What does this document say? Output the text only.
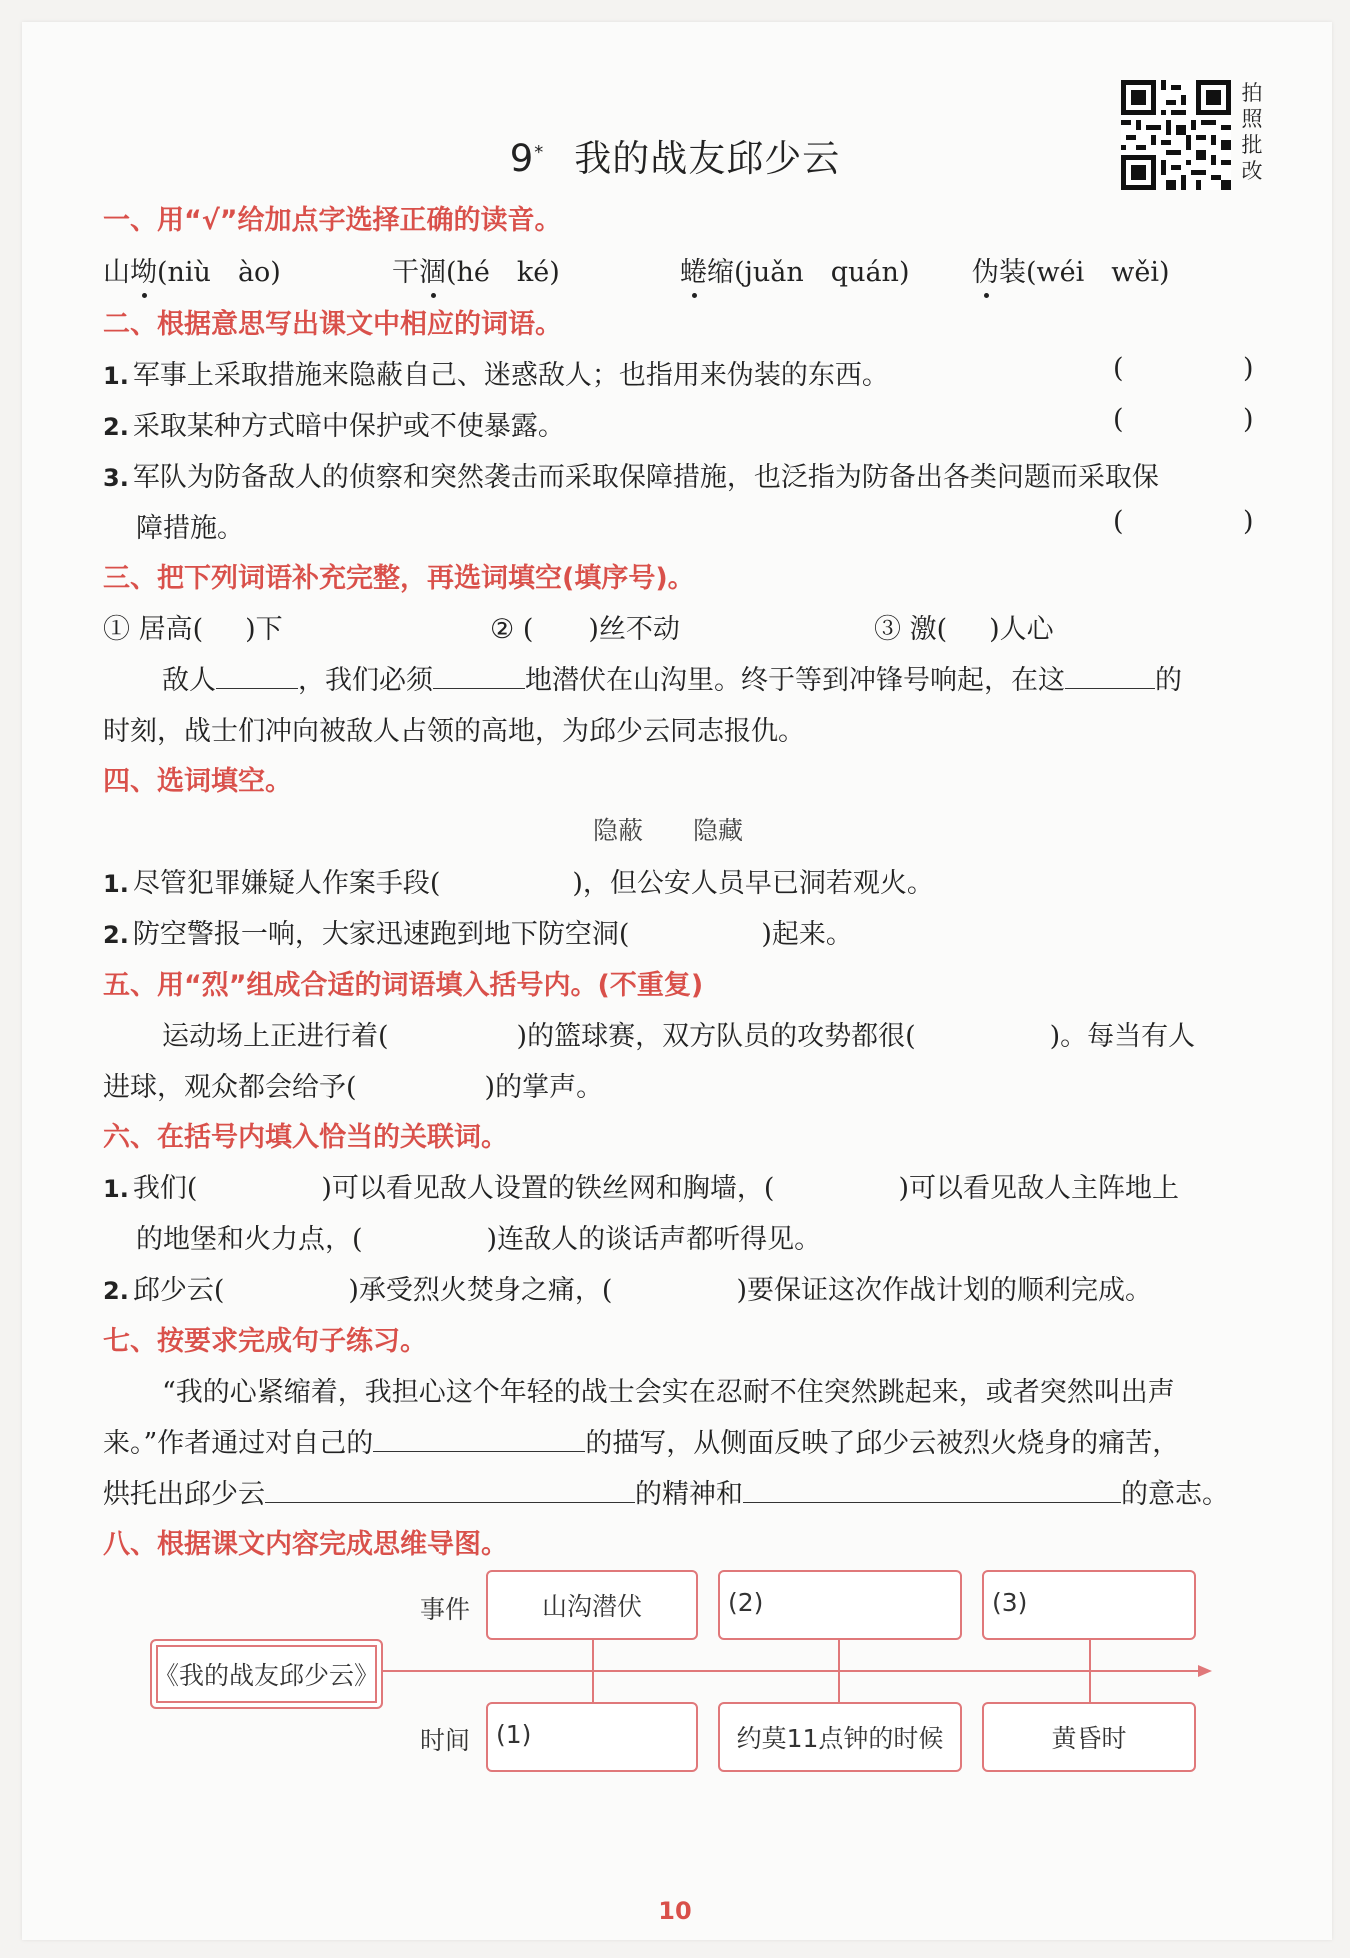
9* 我的战友邱少云
拍照批改
一、用“√”给加点字选择正确的读音。
山坳(niù　ào)	干涸(hé　ké)	蜷缩(juǎn　quán) 伪装(wéi　wěi)
二、根据意思写出课文中相应的词语。
1. 军事上采取措施来隐蔽自己、迷惑敌人；也指用来伪装的东西。	(	)
2. 采取某种方式暗中保护或不使暴露。	(	)
3. 军队为防备敌人的侦察和突然袭击而采取保障措施，也泛指为防备出各类问题而采取保
障措施。	(	)
三、把下列词语补充完整，再选词填空(填序号)。
① 居高( )下	② ( )丝不动	③ 激( )人心
敌人	，我们必须	地潜伏在山沟里。终于等到冲锋号响起，在这	的
时刻，战士们冲向被敌人占领的高地，为邱少云同志报仇。
四、选词填空。
隐蔽　　隐藏
1. 尽管犯罪嫌疑人作案手段(	)，但公安人员早已洞若观火。
2. 防空警报一响，大家迅速跑到地下防空洞(	)起来。
五、用“烈”组成合适的词语填入括号内。(不重复)
运动场上正进行着(	)的篮球赛，双方队员的攻势都很(	)。每当有人
进球，观众都会给予(	)的掌声。
六、在括号内填入恰当的关联词。
1. 我们(	)可以看见敌人设置的铁丝网和胸墙，(	)可以看见敌人主阵地上
的地堡和火力点，(	)连敌人的谈话声都听得见。
2. 邱少云(	)承受烈火焚身之痛，(	)要保证这次作战计划的顺利完成。
七、按要求完成句子练习。
“我的心紧缩着，我担心这个年轻的战士会实在忍耐不住突然跳起来，或者突然叫出声
来。”作者通过对自己的	的描写，从侧面反映了邱少云被烈火烧身的痛苦，
烘托出邱少云	的精神和	的意志。
八、根据课文内容完成思维导图。
事件
时间
《我的战友邱少云》
山沟潜伏	(2)	(3)
(1)	约莫11点钟的时候	黄昏时
10
